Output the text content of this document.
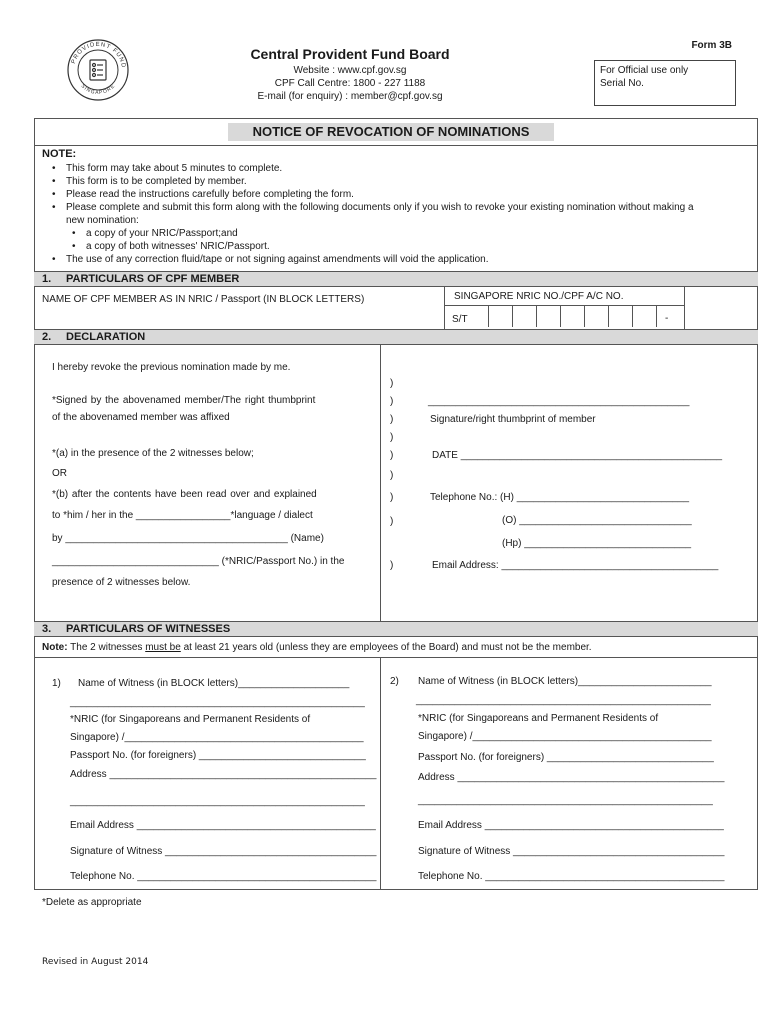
PROVIDENT FUND
SINGAPORE
Central Provident Fund Board
Website : www.cpf.gov.sg
CPF Call Centre: 1800 - 227 1188
E-mail (for enquiry) : member@cpf.gov.sg
Form 3B
For Official use only
Serial No.
NOTICE OF REVOCATION OF NOMINATIONS
NOTE:
• This form may take about 5 minutes to complete.
• This form is to be completed by member.
• Please read the instructions carefully before completing the form.
• Please complete and submit this form along with the following documents only if you wish to revoke your existing nomination without making a
new nomination:
• a copy of your NRIC/Passport;and
• a copy of both witnesses' NRIC/Passport.
• The use of any correction fluid/tape or not signing against amendments will void the application.
1. PARTICULARS OF CPF MEMBER
NAME OF CPF MEMBER AS IN NRIC / Passport (IN BLOCK LETTERS)	SINGAPORE NRIC NO./CPF A/C NO.
S/T	-
2. DECLARATION
I hereby revoke the previous nomination made by me.
*Signed by the abovenamed member/The right thumbprint
of the abovenamed member was affixed
*(a) in the presence of the 2 witnesses below;
OR
*(b) after the contents have been read over and explained
to *him / her in the _________________*language / dialect
by ________________________________________ (Name)
______________________________ (*NRIC/Passport No.) in the
presence of 2 witnesses below.
)
)
)
)
)
)
)
)
)
_______________________________________________
Signature/right thumbprint of member
DATE _______________________________________________
Telephone No.: (H) _______________________________
(O) _______________________________
(Hp) ______________________________
Email Address: _______________________________________
3. PARTICULARS OF WITNESSES
Note: The 2 witnesses must be at least 21 years old (unless they are employees of the Board) and must not be the member.
1) Name of Witness (in BLOCK letters)____________________
_____________________________________________________
*NRIC (for Singaporeans and Permanent Residents of
Singapore) /___________________________________________
Passport No. (for foreigners) ______________________________
Address ________________________________________________
_____________________________________________________
Email Address ___________________________________________
Signature of Witness ______________________________________
Telephone No. ___________________________________________
2) Name of Witness (in BLOCK letters)________________________
_____________________________________________________
*NRIC (for Singaporeans and Permanent Residents of
Singapore) /___________________________________________
Passport No. (for foreigners) ______________________________
Address ________________________________________________
_____________________________________________________
Email Address ___________________________________________
Signature of Witness ______________________________________
Telephone No. ___________________________________________
*Delete as appropriate
Revised in August 2014
